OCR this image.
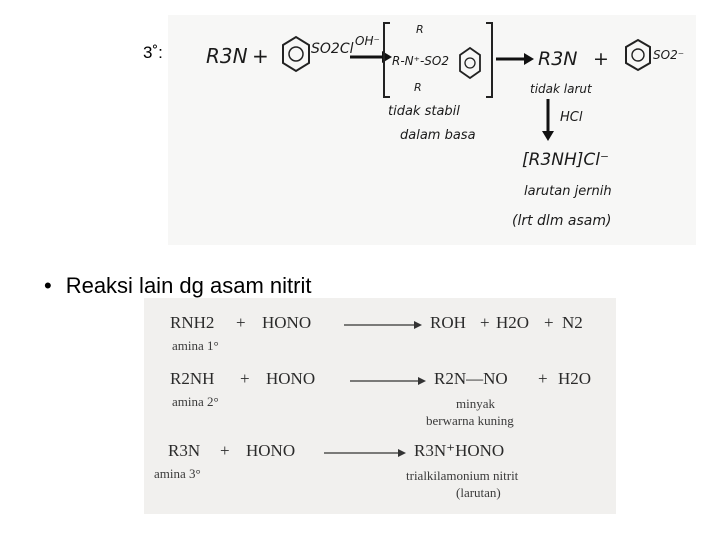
3˚: R3N +	SO2Cl OH⁻
R
R-N⁺-SO2
R
R3N +	SO2⁻
tidak stabil
dalam basa
tidak larut
HCl
[R3NH]Cl⁻
larutan jernih
(lrt dlm asam)
• Reaksi lain dg asam nitrit
RNH2 + HONO	ROH + H2O + N2
amina 1°
R2NH + HONO	R2N—NO + H2O
amina 2°	minyak
berwarna kuning
R3N + HONO	R3N⁺HONO
amina 3°	trialkilamonium nitrit
(larutan)
